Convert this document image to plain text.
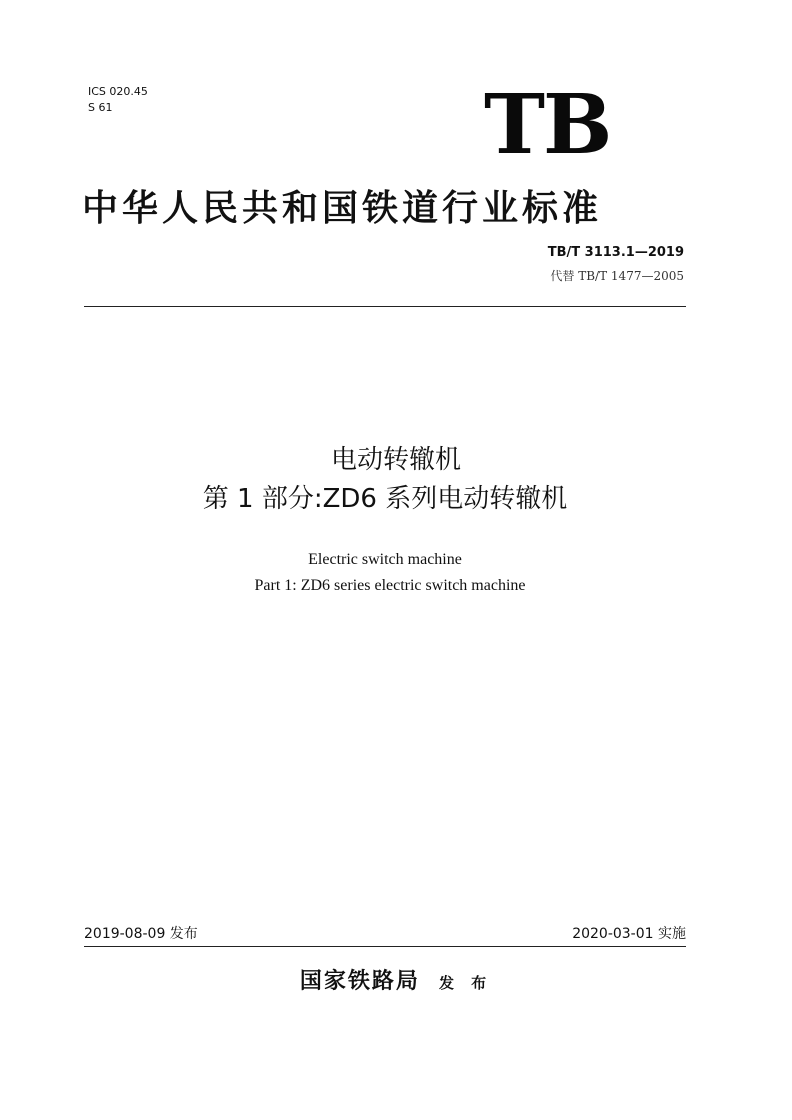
ICS 020.45
S 61	TB
中华人民共和国铁道行业标准
TB/T 3113.1—2019
代替 TB/T 1477—2005
电动转辙机
第 1 部分:ZD6 系列电动转辙机
Electric switch machine
Part 1: ZD6 series electric switch machine
2019-08-09 发布	2020-03-01 实施
国家铁路局 发 布
